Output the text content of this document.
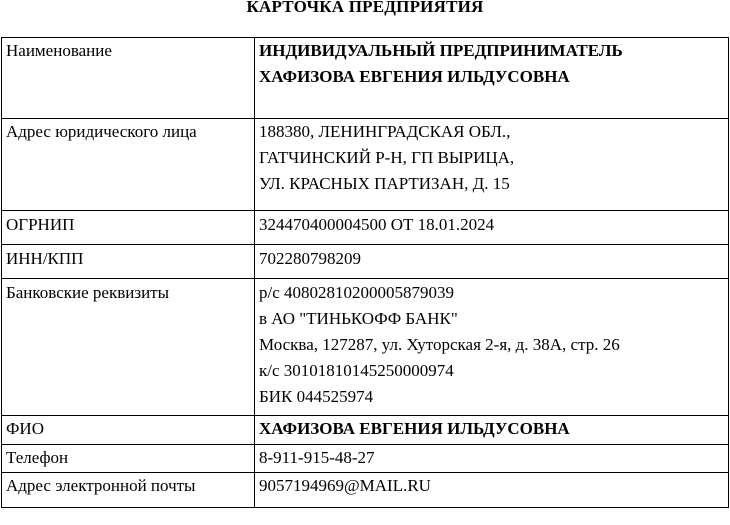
КАРТОЧКА ПРЕДПРИЯТИЯ
Наименование	ИНДИВИДУАЛЬНЫЙ ПРЕДПРИНИМАТЕЛЬ
ХАФИЗОВА ЕВГЕНИЯ ИЛЬДУСОВНА

Адрес юридического лица	188380, ЛЕНИНГРАДСКАЯ ОБЛ.,
ГАТЧИНСКИЙ Р-Н, ГП ВЫРИЦА,
УЛ. КРАСНЫХ ПАРТИЗАН, Д. 15

ОГРНИП	324470400004500 ОТ 18.01.2024
ИНН/КПП	702280798209
Банковские реквизиты	р/с 40802810200005879039
в АО "ТИНЬКОФФ БАНК"
Москва, 127287, ул. Хуторская 2-я, д. 38А, стр. 26
к/с 30101810145250000974
БИК 044525974

ФИО	ХАФИЗОВА ЕВГЕНИЯ ИЛЬДУСОВНА
Телефон	8-911-915-48-27
Адрес электронной почты	9057194969@MAIL.RU
